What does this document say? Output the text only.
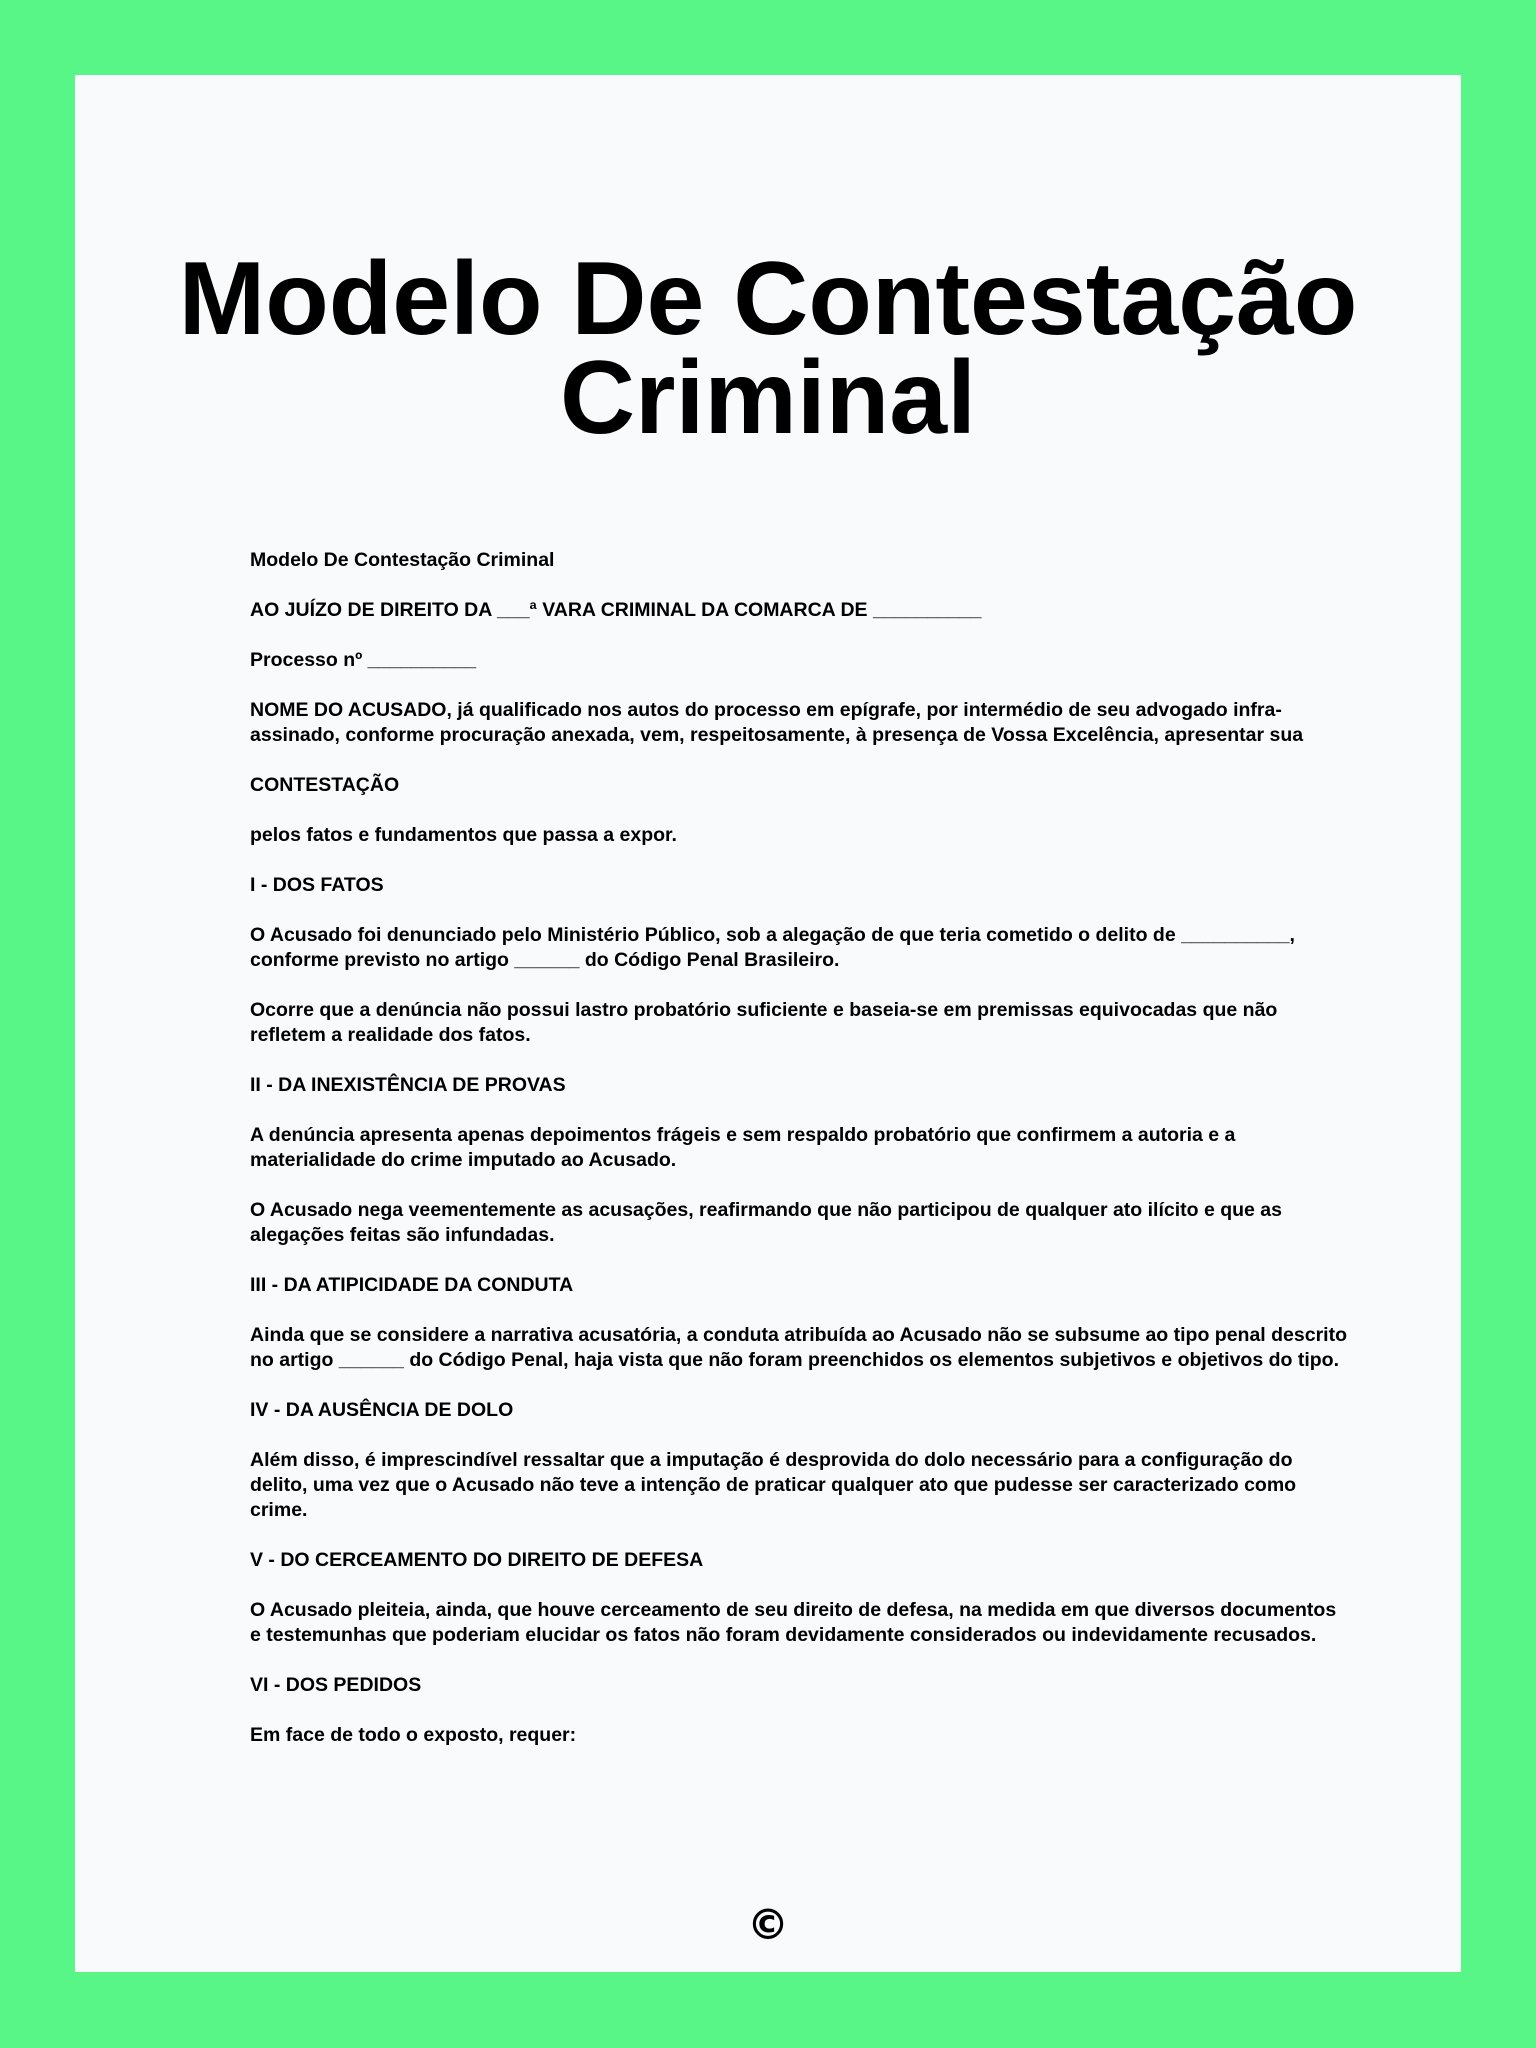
Modelo De Contestação Criminal

Modelo De Contestação Criminal

AO JUÍZO DE DIREITO DA ___ª VARA CRIMINAL DA COMARCA DE __________

Processo nº __________

NOME DO ACUSADO, já qualificado nos autos do processo em epígrafe, por intermédio de seu advogado infra-assinado, conforme procuração anexada, vem, respeitosamente, à presença de Vossa Excelência, apresentar sua

CONTESTAÇÃO

pelos fatos e fundamentos que passa a expor.

I - DOS FATOS

O Acusado foi denunciado pelo Ministério Público, sob a alegação de que teria cometido o delito de __________, conforme previsto no artigo ______ do Código Penal Brasileiro.

Ocorre que a denúncia não possui lastro probatório suficiente e baseia-se em premissas equivocadas que não refletem a realidade dos fatos.

II - DA INEXISTÊNCIA DE PROVAS

A denúncia apresenta apenas depoimentos frágeis e sem respaldo probatório que confirmem a autoria e a materialidade do crime imputado ao Acusado.

O Acusado nega veementemente as acusações, reafirmando que não participou de qualquer ato ilícito e que as alegações feitas são infundadas.

III - DA ATIPICIDADE DA CONDUTA

Ainda que se considere a narrativa acusatória, a conduta atribuída ao Acusado não se subsume ao tipo penal descrito no artigo ______ do Código Penal, haja vista que não foram preenchidos os elementos subjetivos e objetivos do tipo.

IV - DA AUSÊNCIA DE DOLO

Além disso, é imprescindível ressaltar que a imputação é desprovida do dolo necessário para a configuração do delito, uma vez que o Acusado não teve a intenção de praticar qualquer ato que pudesse ser caracterizado como crime.

V - DO CERCEAMENTO DO DIREITO DE DEFESA

O Acusado pleiteia, ainda, que houve cerceamento de seu direito de defesa, na medida em que diversos documentos e testemunhas que poderiam elucidar os fatos não foram devidamente considerados ou indevidamente recusados.

VI - DOS PEDIDOS

Em face de todo o exposto, requer:

©
